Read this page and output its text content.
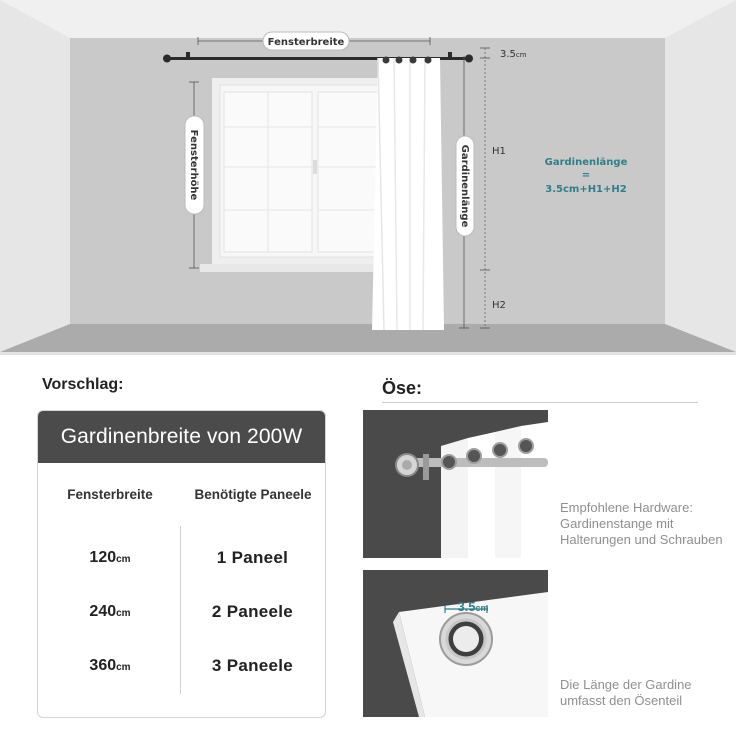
Fensterbreite
Fensterhöhe	Gardinenlänge
3.5cm
H1
H2
Gardinenlänge
=
3.5cm+H1+H2
Vorschlag:	Öse:
Gardinenbreite von 200W
Fensterbreite	Benötigte Paneele
120cm	1 Paneel
240cm	2 Paneele
360cm	3 Paneele
3.5cm
Empfohlene Hardware: Gardinenstange mit Halterungen und Schrauben
Die Länge der Gardine umfasst den Ösenteil
